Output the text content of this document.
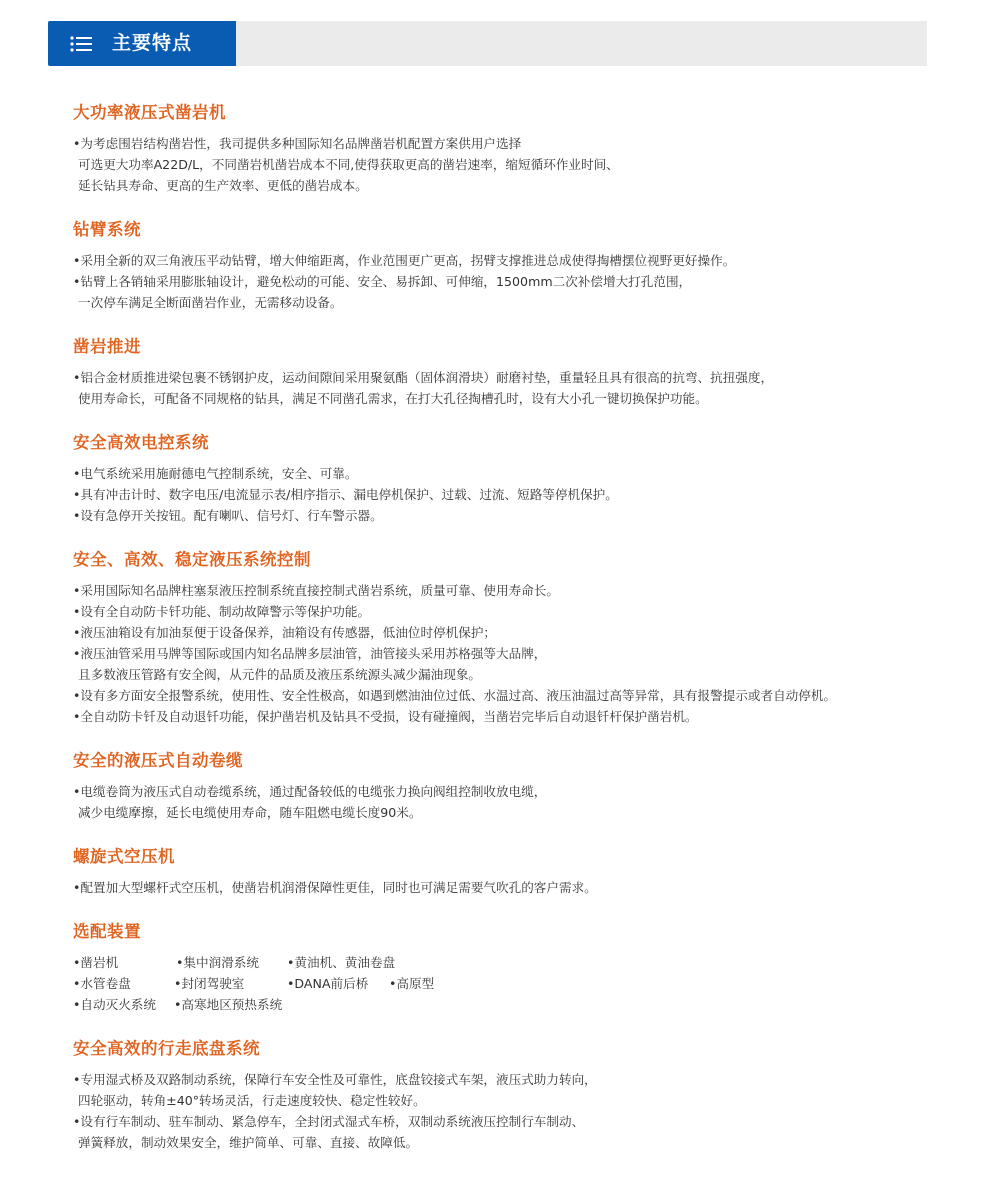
主要特点
大功率液压式凿岩机
•为考虑围岩结构凿岩性，我司提供多种国际知名品牌凿岩机配置方案供用户选择
可选更大功率A22D/L，不同凿岩机凿岩成本不同,使得获取更高的凿岩速率，缩短循环作业时间、
延长钻具寿命、更高的生产效率、更低的凿岩成本。
钻臂系统
•采用全新的双三角液压平动钻臂，增大伸缩距离，作业范围更广更高，拐臂支撑推进总成使得掏槽摆位视野更好操作。
•钻臂上各销轴采用膨胀轴设计，避免松动的可能、安全、易拆卸、可伸缩，1500mm二次补偿增大打孔范围，
一次停车满足全断面凿岩作业，无需移动设备。
凿岩推进
•铝合金材质推进梁包裹不锈钢护皮，运动间隙间采用聚氨酯（固体润滑块）耐磨衬垫，重量轻且具有很高的抗弯、抗扭强度，
使用寿命长，可配备不同规格的钻具，满足不同凿孔需求，在打大孔径掏槽孔时，设有大小孔一键切换保护功能。
安全高效电控系统
•电气系统采用施耐德电气控制系统，安全、可靠。
•具有冲击计时、数字电压/电流显示表/相序指示、漏电停机保护、过载、过流、短路等停机保护。
•设有急停开关按钮。配有喇叭、信号灯、行车警示器。
安全、高效、稳定液压系统控制
•采用国际知名品牌柱塞泵液压控制系统直接控制式凿岩系统，质量可靠、使用寿命长。
•设有全自动防卡钎功能、制动故障警示等保护功能。
•液压油箱设有加油泵便于设备保养，油箱设有传感器，低油位时停机保护；
•液压油管采用马牌等国际或国内知名品牌多层油管，油管接头采用苏格强等大品牌，
且多数液压管路有安全阀，从元件的品质及液压系统源头减少漏油现象。
•设有多方面安全报警系统，使用性、安全性极高，如遇到燃油油位过低、水温过高、液压油温过高等异常，具有报警提示或者自动停机。
•全自动防卡钎及自动退钎功能，保护凿岩机及钻具不受损，设有碰撞阀，当凿岩完毕后自动退钎杆保护凿岩机。
安全的液压式自动卷缆
•电缆卷筒为液压式自动卷缆系统，通过配备较低的电缆张力换向阀组控制收放电缆，
减少电缆摩擦，延长电缆使用寿命，随车阻燃电缆长度90米。
螺旋式空压机
•配置加大型螺杆式空压机，使凿岩机润滑保障性更佳，同时也可满足需要气吹孔的客户需求。
选配装置
•凿岩机	•集中润滑系统 •黄油机、黄油卷盘
•水管卷盘	•封闭驾驶室	•DANA前后桥 •高原型
•自动灭火系统 •高寒地区预热系统
安全高效的行走底盘系统
•专用湿式桥及双路制动系统，保障行车安全性及可靠性，底盘铰接式车架，液压式助力转向，
四轮驱动，转角±40°转场灵活，行走速度较快、稳定性较好。
•设有行车制动、驻车制动、紧急停车，全封闭式湿式车桥，双制动系统液压控制行车制动、
弹簧释放，制动效果安全，维护简单、可靠、直接、故障低。
